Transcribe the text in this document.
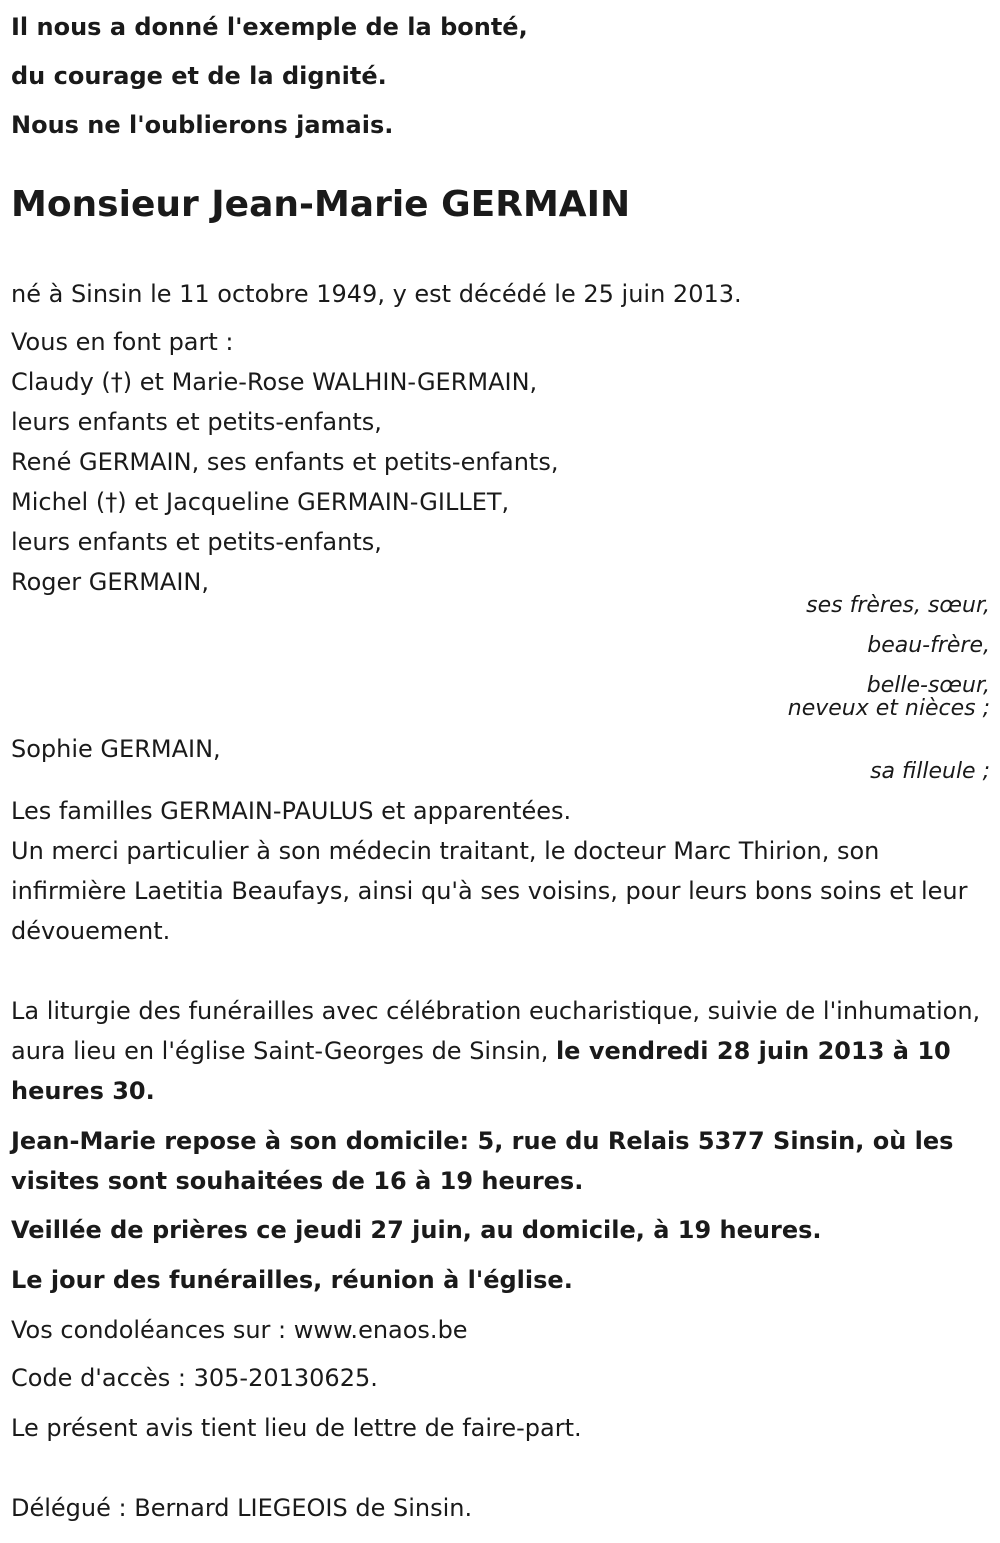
Il nous a donné l'exemple de la bonté,
du courage et de la dignité.
Nous ne l'oublierons jamais.
Monsieur Jean-Marie GERMAIN
né à Sinsin le 11 octobre 1949, y est décédé le 25 juin 2013.
Vous en font part :
Claudy (†) et Marie-Rose WALHIN-GERMAIN,
leurs enfants et petits-enfants,
René GERMAIN, ses enfants et petits-enfants,
Michel (†) et Jacqueline GERMAIN-GILLET,
leurs enfants et petits-enfants,
Roger GERMAIN,
ses frères, sœur,
beau-frère,
belle-sœur,
neveux et nièces ;
Sophie GERMAIN,
sa filleule ;
Les familles GERMAIN-PAULUS et apparentées.
Un merci particulier à son médecin traitant, le docteur Marc Thirion, son infirmière Laetitia Beaufays, ainsi qu'à ses voisins, pour leurs bons soins et leur dévouement.
La liturgie des funérailles avec célébration eucharistique, suivie de l'inhumation, aura lieu en l'église Saint-Georges de Sinsin, le vendredi 28 juin 2013 à 10 heures 30.
Jean-Marie repose à son domicile: 5, rue du Relais 5377 Sinsin, où les visites sont souhaitées de 16 à 19 heures.
Veillée de prières ce jeudi 27 juin, au domicile, à 19 heures.
Le jour des funérailles, réunion à l'église.
Vos condoléances sur : www.enaos.be
Code d'accès : 305-20130625.
Le présent avis tient lieu de lettre de faire-part.
Délégué : Bernard LIEGEOIS de Sinsin.
